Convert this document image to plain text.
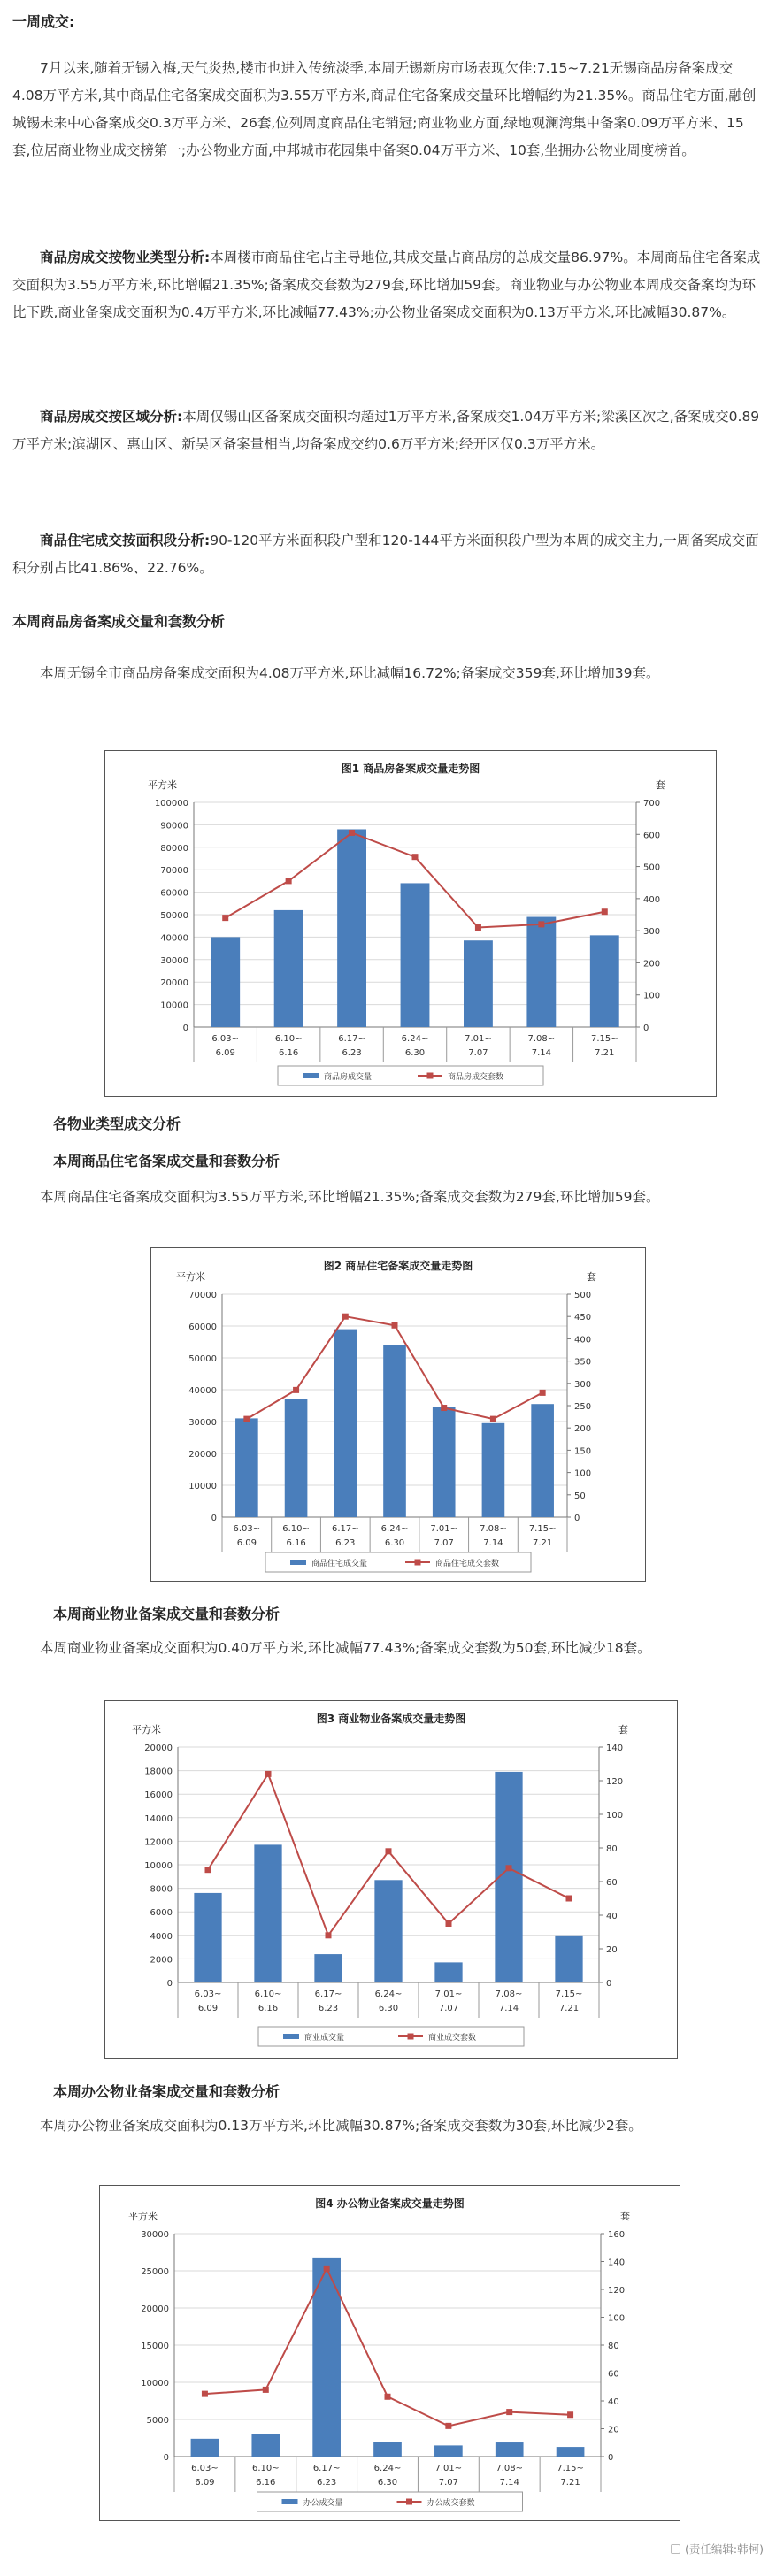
一周成交:

7月以来,随着无锡入梅,天气炎热,楼市也进入传统淡季,本周无锡新房市场表现欠佳:7.15~7.21无锡商品房备案成交4.08万平方米,其中商品住宅备案成交面积为3.55万平方米,商品住宅备案成交量环比增幅约为21.35%。商品住宅方面,融创城锡未来中心备案成交0.3万平方米、26套,位列周度商品住宅销冠;商业物业方面,绿地观澜湾集中备案0.09万平方米、15套,位居商业物业成交榜第一;办公物业方面,中邦城市花园集中备案0.04万平方米、10套,坐拥办公物业周度榜首。

商品房成交按物业类型分析:本周楼市商品住宅占主导地位,其成交量占商品房的总成交量86.97%。本周商品住宅备案成交面积为3.55万平方米,环比增幅21.35%;备案成交套数为279套,环比增加59套。商业物业与办公物业本周成交备案均为环比下跌,商业备案成交面积为0.4万平方米,环比减幅77.43%;办公物业备案成交面积为0.13万平方米,环比减幅30.87%。

商品房成交按区域分析:本周仅锡山区备案成交面积均超过1万平方米,备案成交1.04万平方米;梁溪区次之,备案成交0.89万平方米;滨湖区、惠山区、新吴区备案量相当,均备案成交约0.6万平方米;经开区仅0.3万平方米。

商品住宅成交按面积段分析:90-120平方米面积段户型和120-144平方米面积段户型为本周的成交主力,一周备案成交面积分别占比41.86%、22.76%。

本周商品房备案成交量和套数分析

本周无锡全市商品房备案成交面积为4.08万平方米,环比减幅16.72%;备案成交359套,环比增加39套。

图1 商品房备案成交量走势图
平方米	套
0
10000
20000
30000
40000
50000
60000
70000
80000
90000
100000
0
100
200
300
400
500
600
700
6.03~
6.09
6.10~
6.16
6.17~
6.23
6.24~
6.30
7.01~
7.07
7.08~
7.14
7.15~
7.21
商品房成交量	商品房成交套数
各物业类型成交分析
本周商品住宅备案成交量和套数分析

本周商品住宅备案成交面积为3.55万平方米,环比增幅21.35%;备案成交套数为279套,环比增加59套。

图2 商品住宅备案成交量走势图
平方米	套
0
10000
20000
30000
40000
50000
60000
70000
0
50
100
150
200
250
300
350
400
450
500
6.03~
6.09
6.10~
6.16
6.17~
6.23
6.24~
6.30
7.01~
7.07
7.08~
7.14
7.15~
7.21
商品住宅成交量	商品住宅成交套数
本周商业物业备案成交量和套数分析

本周商业物业备案成交面积为0.40万平方米,环比减幅77.43%;备案成交套数为50套,环比减少18套。

图3 商业物业备案成交量走势图
平方米	套
0
2000
4000
6000
8000
10000
12000
14000
16000
18000
20000
0
20
40
60
80
100
120
140
6.03~
6.09
6.10~
6.16
6.17~
6.23
6.24~
6.30
7.01~
7.07
7.08~
7.14
7.15~
7.21
商业成交量	商业成交套数
本周办公物业备案成交量和套数分析

本周办公物业备案成交面积为0.13万平方米,环比减幅30.87%;备案成交套数为30套,环比减少2套。

图4 办公物业备案成交量走势图
平方米	套
0
5000
10000
15000
20000
25000
30000
0
20
40
60
80
100
120
140
160
6.03~
6.09
6.10~
6.16
6.17~
6.23
6.24~
6.30
7.01~
7.07
7.08~
7.14
7.15~
7.21
办公成交量	办公成交套数
(责任编辑:韩柯)
